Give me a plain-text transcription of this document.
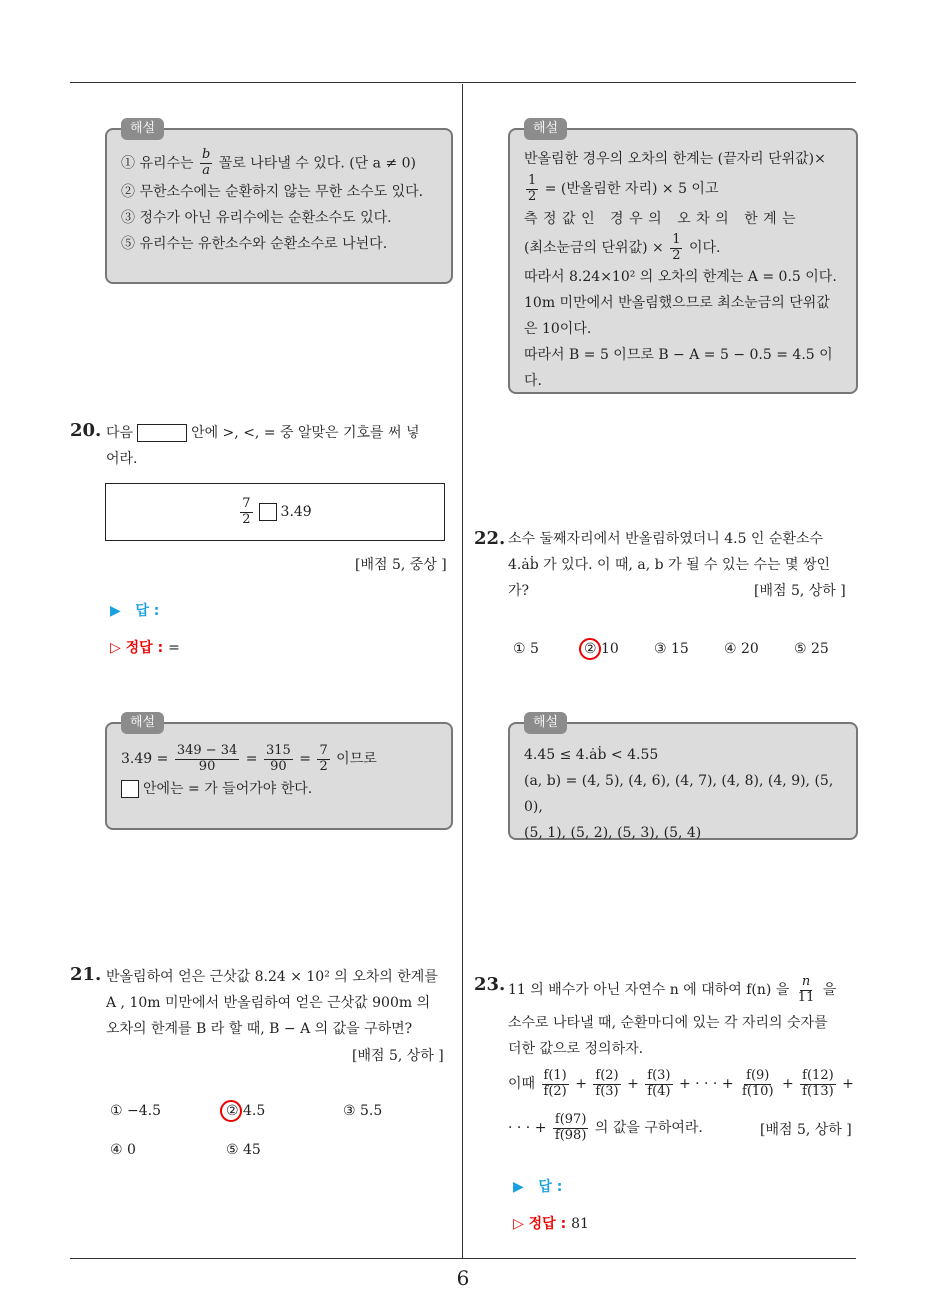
해설
① 유리수는 $\frac{b}{a}$ 꼴로 나타낼 수 있다. (단 a ≠ 0)
② 무한소수에는 순환하지 않는 무한 소수도 있다.
③ 정수가 아닌 유리수에는 순환소수도 있다.
⑤ 유리수는 유한소수와 순환소수로 나뉜다.
해설
반올림한 경우의 오차의 한계는 (끝자리 단위값)×
$\frac{1}{2}$ = (반올림한 자리) × 5 이고
측정값인 경우의 오차의 한계는
(최소눈금의 단위값) × $\frac{1}{2}$ 이다.
따라서 8.24×10² 의 오차의 한계는 A = 0.5 이다.
10m 미만에서 반올림했으므로 최소눈금의 단위값
은 10이다.
따라서 B = 5 이므로 B − A = 5 − 0.5 = 4.5 이다.
20. 다음	안에 >, <, = 중 알맞은 기호를 써 넣
어라.
$\frac{7}{2}$ 3.49̇
[배점 5, 중상 ]
▶ 답 :
▷ 정답 : =
해설
3.49̇ = $\frac{349 - 34}{90} = \frac{315}{90} = \frac{7}{2}$ 이므로
안에는 = 가 들어가야 한다.
21. 반올림하여 얻은 근삿값 8.24 × 10² 의 오차의 한계를
A , 10m 미만에서 반올림하여 얻은 근삿값 900m 의
오차의 한계를 B 라 할 때, B − A 의 값을 구하면?
[배점 5, 상하 ]
① −4.5	② 4.5	③ 5.5
④ 0	⑤ 45
22. 소수 둘째자리에서 반올림하였더니 4.5 인 순환소수
4.ȧḃ 가 있다. 이 때, a, b 가 될 수 있는 수는 몇 쌍인
가?	[배점 5, 상하 ]
① 5	② 10	③ 15	④ 20	⑤ 25
해설
4.45 ≤ 4.ȧḃ < 4.55
(a, b) = (4, 5), (4, 6), (4, 7), (4, 8), (4, 9), (5, 0),
(5, 1), (5, 2), (5, 3), (5, 4)
23. 11 의 배수가 아닌 자연수 n 에 대하여 f(n) 을 $\frac{n}{11}$ 을
소수로 나타낼 때, 순환마디에 있는 각 자리의 숫자를
더한 값으로 정의하자.
이때 $\frac{f(1)}{f(2)} + \frac{f(2)}{f(3)} + \frac{f(3)}{f(4)}$ + · · · + $\frac{f(9)}{f(10)} + \frac{f(12)}{f(13)}$ +
· · · + $\frac{f(97)}{f(98)}$ 의 값을 구하여라.	[배점 5, 상하 ]
▶ 답 :
▷ 정답 : 81
6
